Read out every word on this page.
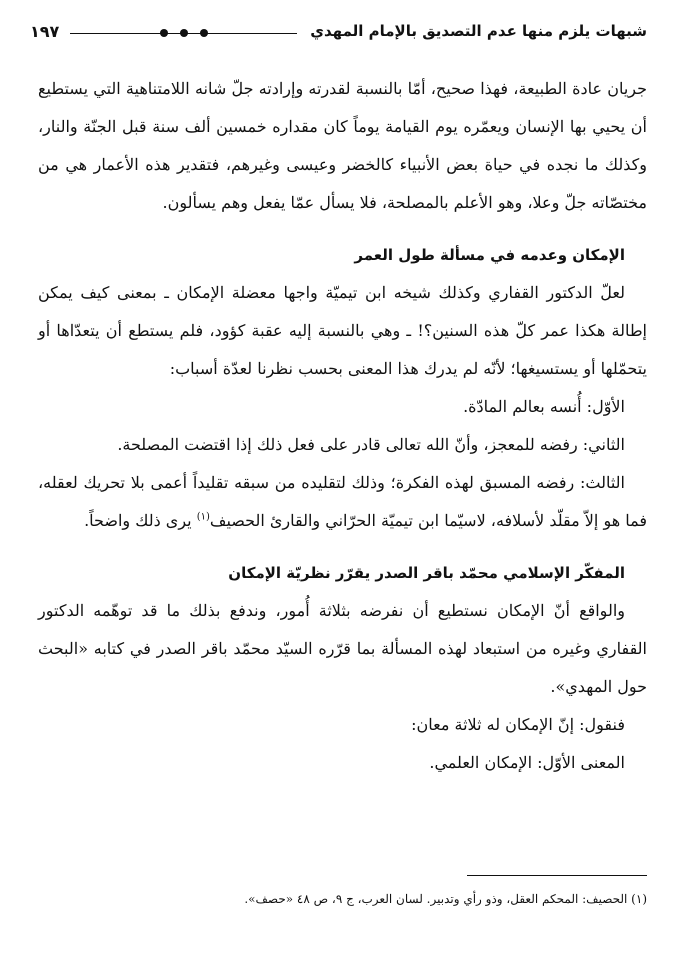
شبهات يلزم منها عدم التصديق بالإمام المهدي
١٩٧

جريان عادة الطبيعة، فهذا صحيح، أمّا بالنسبة لقدرته وإرادته جلّ شانه اللامتناهية التي يستطيع أن يحيي بها الإنسان ويعمّره يوم القيامة يوماً كان مقداره خمسين ألف سنة قبل الجنّة والنار، وكذلك ما نجده في حياة بعض الأنبياء كالخضر وعيسى وغيرهم، فتقدير هذه الأعمار هي من مختصّاته جلّ وعلا، وهو الأعلم بالمصلحة، فلا يسأل عمّا يفعل وهم يسألون.

الإمكان وعدمه في مسألة طول العمر

لعلّ الدكتور القفاري وكذلك شيخه ابن تيميّة واجها معضلة الإمكان ـ بمعنى كيف يمكن إطالة هكذا عمر كلّ هذه السنين؟! ـ وهي بالنسبة إليه عقبة كؤود، فلم يستطع أن يتعدّاها أو يتحمّلها أو يستسيغها؛ لأنّه لم يدرك هذا المعنى بحسب نظرنا لعدّة أسباب:

الأوّل: أُنسه بعالم المادّة.

الثاني: رفضه للمعجز، وأنّ الله تعالى قادر على فعل ذلك إذا اقتضت المصلحة.

الثالث: رفضه المسبق لهذه الفكرة؛ وذلك لتقليده من سبقه تقليداً أعمى بلا تحريك لعقله، فما هو إلاّ مقلّد لأسلافه، لاسيّما ابن تيميّة الحرّاني والقارئ الحصيف$^{(١)}$ يرى ذلك واضحاً.

المفكّر الإسلامي محمّد باقر الصدر يقرّر نظريّة الإمكان

والواقع أنّ الإمكان نستطيع أن نفرضه بثلاثة أُمور، وندفع بذلك ما قد توهّمه الدكتور القفاري وغيره من استبعاد لهذه المسألة بما قرّره السيّد محمّد باقر الصدر في كتابه «البحث حول المهدي».

فنقول: إنّ الإمكان له ثلاثة معان:

المعنى الأوّل: الإمكان العلمي.

(١) الحصيف: المحكم العقل، وذو رأي وتدبير. لسان العرب، ج ٩، ص ٤٨ «حصف».
